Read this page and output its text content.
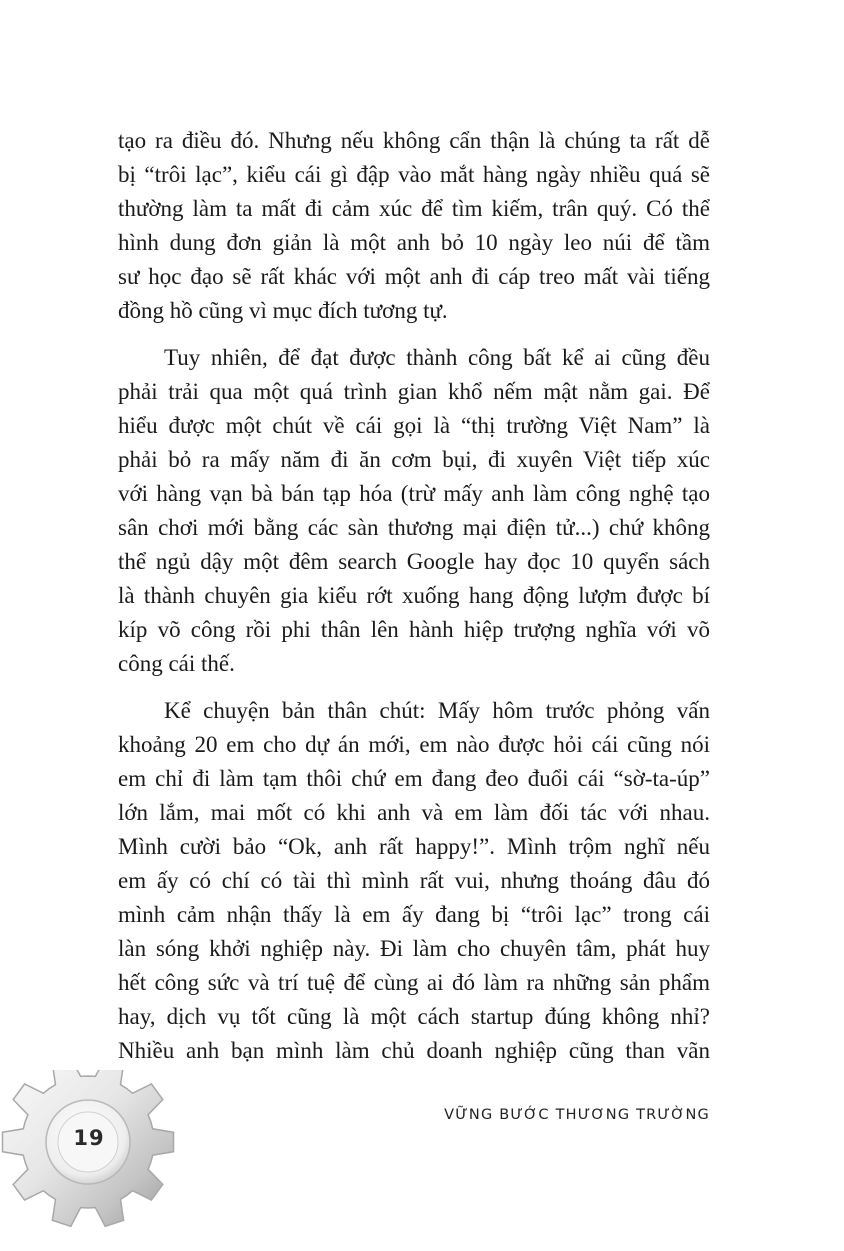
tạo ra điều đó. Nhưng nếu không cẩn thận là chúng ta rất dễ
bị “trôi lạc”, kiểu cái gì đập vào mắt hàng ngày nhiều quá sẽ
thường làm ta mất đi cảm xúc để tìm kiếm, trân quý. Có thể
hình dung đơn giản là một anh bỏ 10 ngày leo núi để tầm
sư học đạo sẽ rất khác với một anh đi cáp treo mất vài tiếng
đồng hồ cũng vì mục đích tương tự.
Tuy nhiên, để đạt được thành công bất kể ai cũng đều
phải trải qua một quá trình gian khổ nếm mật nằm gai. Để
hiểu được một chút về cái gọi là “thị trường Việt Nam” là
phải bỏ ra mấy năm đi ăn cơm bụi, đi xuyên Việt tiếp xúc
với hàng vạn bà bán tạp hóa (trừ mấy anh làm công nghệ tạo
sân chơi mới bằng các sàn thương mại điện tử...) chứ không
thể ngủ dậy một đêm search Google hay đọc 10 quyển sách
là thành chuyên gia kiểu rớt xuống hang động lượm được bí
kíp võ công rồi phi thân lên hành hiệp trượng nghĩa với võ
công cái thế.
Kể chuyện bản thân chút: Mấy hôm trước phỏng vấn
khoảng 20 em cho dự án mới, em nào được hỏi cái cũng nói
em chỉ đi làm tạm thôi chứ em đang đeo đuổi cái “sờ-ta-úp”
lớn lắm, mai mốt có khi anh và em làm đối tác với nhau.
Mình cười bảo “Ok, anh rất happy!”. Mình trộm nghĩ nếu
em ấy có chí có tài thì mình rất vui, nhưng thoáng đâu đó
mình cảm nhận thấy là em ấy đang bị “trôi lạc” trong cái
làn sóng khởi nghiệp này. Đi làm cho chuyên tâm, phát huy
hết công sức và trí tuệ để cùng ai đó làm ra những sản phẩm
hay, dịch vụ tốt cũng là một cách startup đúng không nhỉ?
Nhiều anh bạn mình làm chủ doanh nghiệp cũng than vãn
VỮNG BƯỚC THƯƠNG TRƯỜNG
19
